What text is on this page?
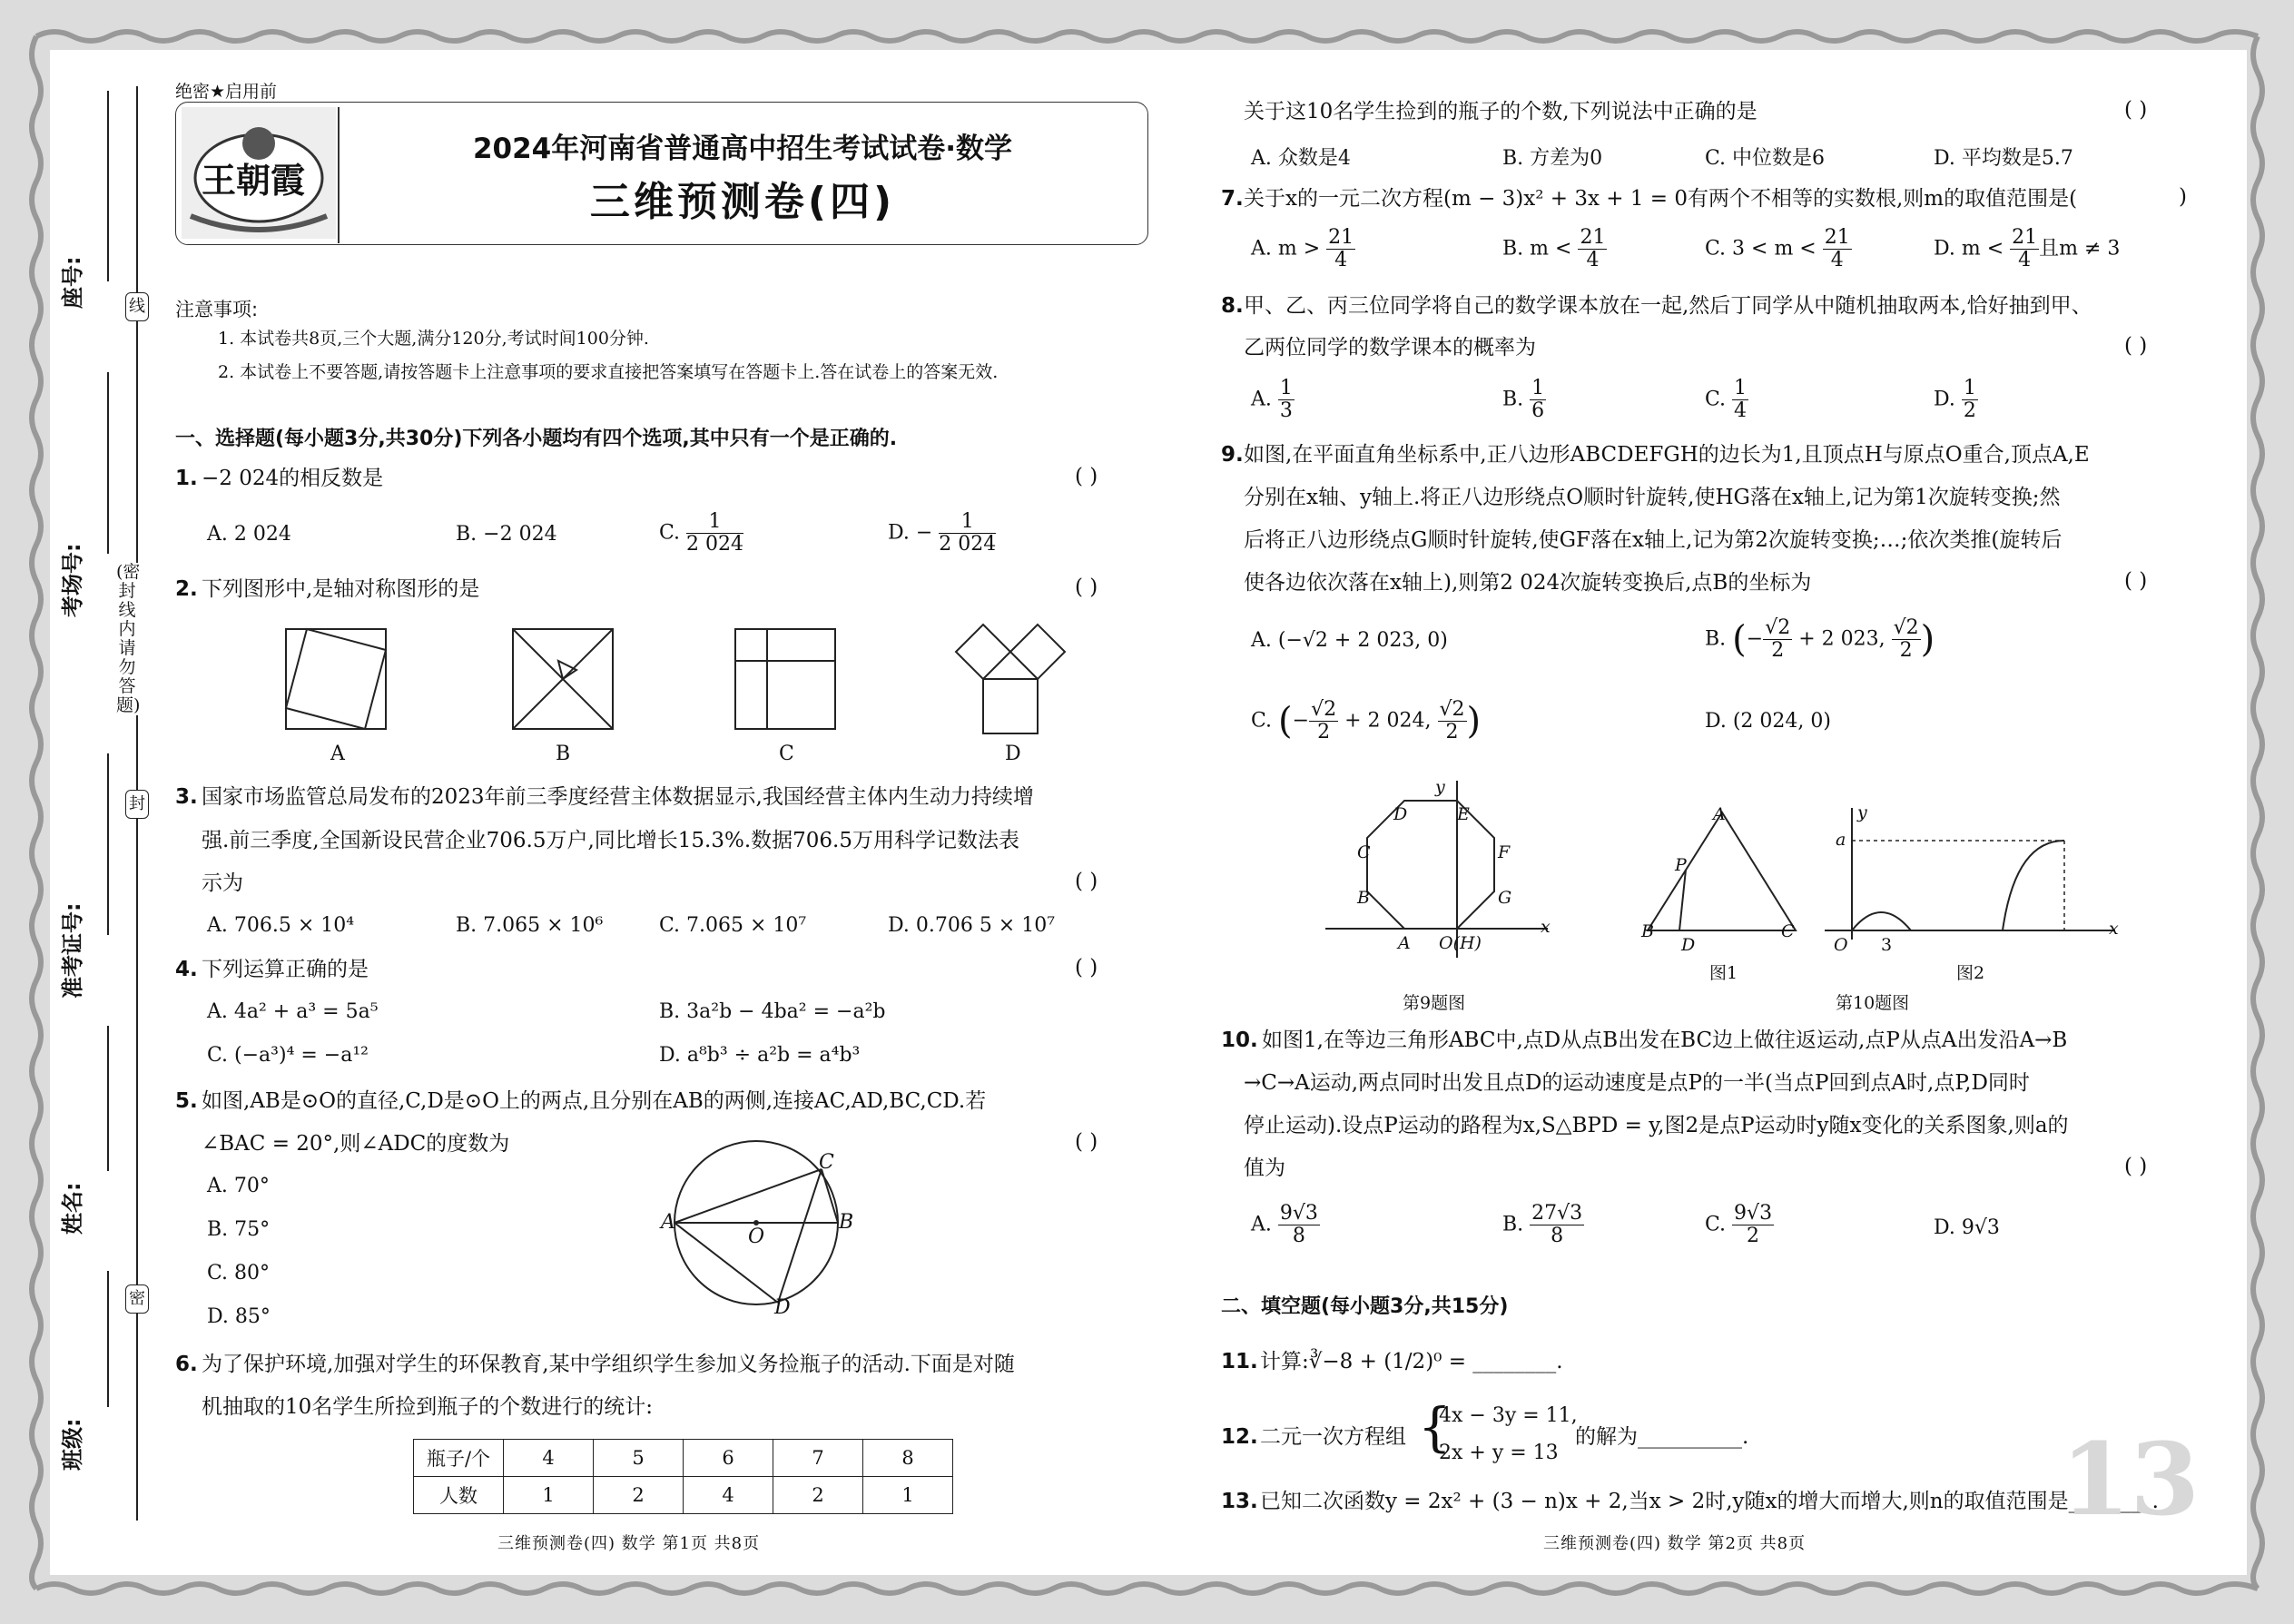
线
封
密
(密封线内请勿答题)
座号:
考场号:
准考证号:
姓名:
班级:
绝密★启用前
王朝霞
2024年河南省普通高中招生考试试卷·数学
三维预测卷(四)
注意事项:
1. 本试卷共8页,三个大题,满分120分,考试时间100分钟.
2. 本试卷上不要答题,请按答题卡上注意事项的要求直接把答案填写在答题卡上.答在试卷上的答案无效.
一、选择题(每小题3分,共30分)下列各小题均有四个选项,其中只有一个是正确的.
1. −2 024的相反数是	( )
A. 2 024	B. −2 024	C. $\frac{1}{2 024}$	D. − $\frac{1}{2 024}$
2. 下列图形中,是轴对称图形的是	( )
A	B	C	D
3. 国家市场监管总局发布的2023年前三季度经营主体数据显示,我国经营主体内生动力持续增
强.前三季度,全国新设民营企业706.5万户,同比增长15.3%.数据706.5万用科学记数法表
示为	( )
A. 706.5 × 10⁴	B. 7.065 × 10⁶	C. 7.065 × 10⁷	D. 0.706 5 × 10⁷
4. 下列运算正确的是	( )
A. 4a² + a³ = 5a⁵	B. 3a²b − 4ba² = −a²b
C. (−a³)⁴ = −a¹²	D. a⁸b³ ÷ a²b = a⁴b³
5. 如图,AB是⊙O的直径,C,D是⊙O上的两点,且分别在AB的两侧,连接AC,AD,BC,CD.若
∠BAC = 20°,则∠ADC的度数为	( )
A. 70°
B. 75°
C. 80°
D. 85°
A	B
C
D
O
6. 为了保护环境,加强对学生的环保教育,某中学组织学生参加义务捡瓶子的活动.下面是对随
机抽取的10名学生所捡到瓶子的个数进行的统计:
瓶子/个	4	5	6	7	8
人数	1	2	4	2	1
三维预测卷(四) 数学 第1页 共8页
关于这10名学生捡到的瓶子的个数,下列说法中正确的是	( )
A. 众数是4	B. 方差为0	C. 中位数是6	D. 平均数是5.7
7. 关于x的一元二次方程(m − 3)x² + 3x + 1 = 0有两个不相等的实数根,则m的取值范围是(	)
A. $m > \frac{21}{4}$	B. $m < \frac{21}{4}$	C. $3 < m < \frac{21}{4}$	D. $m < \frac{21}{4}$ 且m ≠ 3
8. 甲、乙、丙三位同学将自己的数学课本放在一起,然后丁同学从中随机抽取两本,恰好抽到甲、
乙两位同学的数学课本的概率为	( )
A. $\frac{1}{3}$	B. $\frac{1}{6}$	C. $\frac{1}{4}$	D. $\frac{1}{2}$
9. 如图,在平面直角坐标系中,正八边形ABCDEFGH的边长为1,且顶点H与原点O重合,顶点A,E
分别在x轴、y轴上.将正八边形绕点O顺时针旋转,使HG落在x轴上,记为第1次旋转变换;然
后将正八边形绕点G顺时针旋转,使GF落在x轴上,记为第2次旋转变换;…;依次类推(旋转后
使各边依次落在x轴上),则第2 024次旋转变换后,点B的坐标为	( )
A. (−√2 + 2 023, 0)	B. (− $\frac{√2}{2} + 2$ 023, $\frac{√2}{2}$ )
C. (− $\frac{√2}{2} + 2$ 024, $\frac{√2}{2}$ )	D. (2 024, 0)
y
x
D	E
C	F
B	G
A O(H)
第9题图
A
P
B
D
C
图1
y
x
a
O 3
图2
第10题图
10. 如图1,在等边三角形ABC中,点D从点B出发在BC边上做往返运动,点P从点A出发沿A→B
→C→A运动,两点同时出发且点D的运动速度是点P的一半(当点P回到点A时,点P,D同时
停止运动).设点P运动的路程为x,S△BPD = y,图2是点P运动时y随x变化的关系图象,则a的
值为	( )
A. $\frac{9√3}{8}$	B. $\frac{27√3}{8}$	C. $\frac{9√3}{2}$	D. 9√3
二、填空题(每小题3分,共15分)
11. 计算:∛−8 + (1/2)⁰ = ________.
12. 二元一次方程组 {
4x − 3y = 11,
2x + y = 13
的解为__________.
13. 已知二次函数y = 2x² + (3 − n)x + 2,当x > 2时,y随x的增大而增大,则n的取值范围是________.
13
三维预测卷(四) 数学 第2页 共8页
